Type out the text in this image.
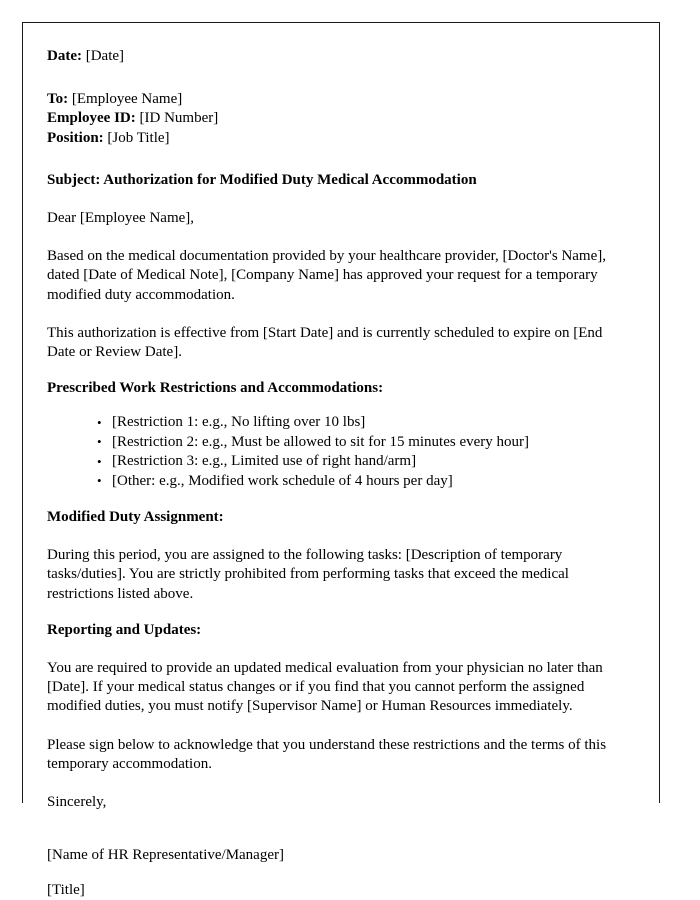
Date: [Date]

To: [Employee Name]

Employee ID: [ID Number]

Position: [Job Title]

Subject: Authorization for Modified Duty Medical Accommodation

Dear [Employee Name],

Based on the medical documentation provided by your healthcare provider, [Doctor's Name], dated [Date of Medical Note], [Company Name] has approved your request for a temporary modified duty accommodation.

This authorization is effective from [Start Date] and is currently scheduled to expire on [End Date or Review Date].

Prescribed Work Restrictions and Accommodations:

• [Restriction 1: e.g., No lifting over 10 lbs]
• [Restriction 2: e.g., Must be allowed to sit for 15 minutes every hour]
• [Restriction 3: e.g., Limited use of right hand/arm]
• [Other: e.g., Modified work schedule of 4 hours per day]

Modified Duty Assignment:

During this period, you are assigned to the following tasks: [Description of temporary tasks/duties]. You are strictly prohibited from performing tasks that exceed the medical restrictions listed above.

Reporting and Updates:

You are required to provide an updated medical evaluation from your physician no later than [Date]. If your medical status changes or if you find that you cannot perform the assigned modified duties, you must notify [Supervisor Name] or Human Resources immediately.

Please sign below to acknowledge that you understand these restrictions and the terms of this temporary accommodation.

Sincerely,

[Name of HR Representative/Manager]

[Title]
